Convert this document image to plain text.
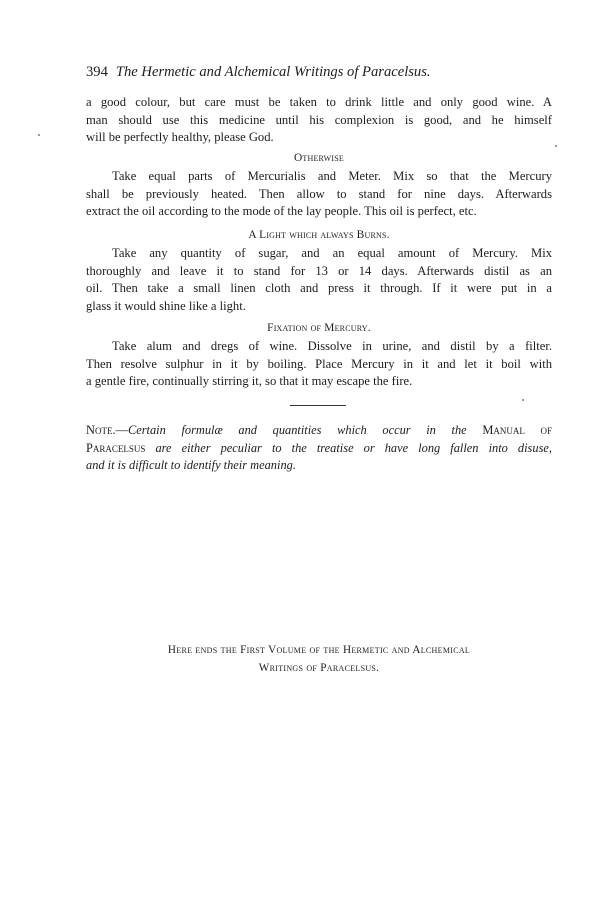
394 The Hermetic and Alchemical Writings of Paracelsus.
a good colour, but care must be taken to drink little and only good wine. A
man should use this medicine until his complexion is good, and he himself
will be perfectly healthy, please God.
Otherwise
Take equal parts of Mercurialis and Meter. Mix so that the Mercury
shall be previously heated. Then allow to stand for nine days. Afterwards
extract the oil according to the mode of the lay people. This oil is perfect, etc.
A Light which always Burns.
Take any quantity of sugar, and an equal amount of Mercury. Mix
thoroughly and leave it to stand for 13 or 14 days. Afterwards distil as an
oil. Then take a small linen cloth and press it through. If it were put in a
glass it would shine like a light.
Fixation of Mercury.
Take alum and dregs of wine. Dissolve in urine, and distil by a filter.
Then resolve sulphur in it by boiling. Place Mercury in it and let it boil with
a gentle fire, continually stirring it, so that it may escape the fire.
Note.—Certain formulæ and quantities which occur in the Manual of
Paracelsus are either peculiar to the treatise or have long fallen into disuse,
and it is difficult to identify their meaning.
Here ends the First Volume of the Hermetic and Alchemical
Writings of Paracelsus.
